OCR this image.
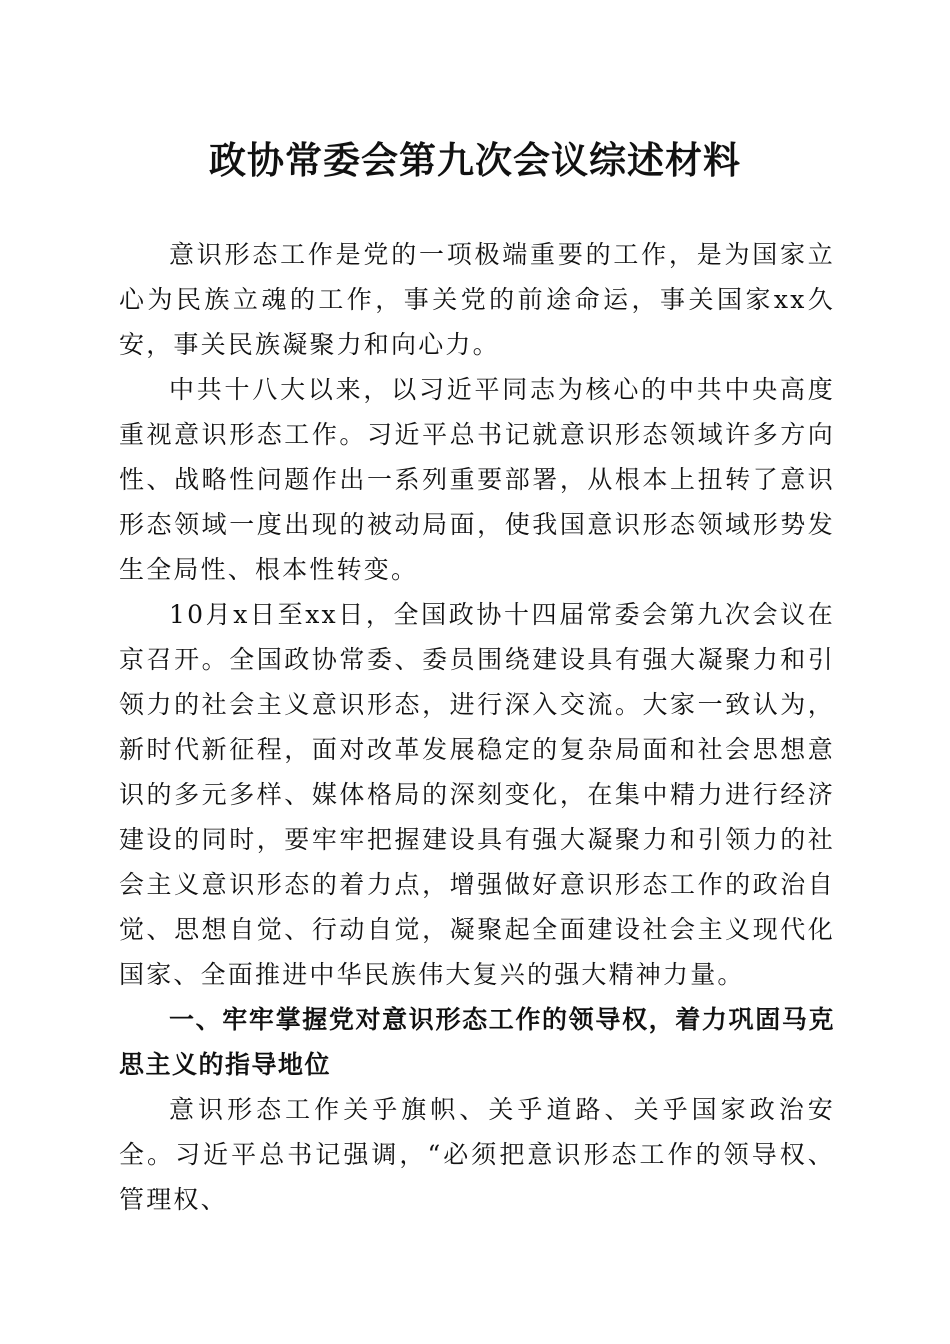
政协常委会第九次会议综述材料

意识形态工作是党的一项极端重要的工作，是为国家立心为民族立魂的工作，事关党的前途命运，事关国家xx久安，事关民族凝聚力和向心力。

中共十八大以来，以习近平同志为核心的中共中央高度重视意识形态工作。习近平总书记就意识形态领域许多方向性、战略性问题作出一系列重要部署，从根本上扭转了意识形态领域一度出现的被动局面，使我国意识形态领域形势发生全局性、根本性转变。

10月x日至xx日，全国政协十四届常委会第九次会议在京召开。全国政协常委、委员围绕建设具有强大凝聚力和引领力的社会主义意识形态，进行深入交流。大家一致认为，新时代新征程，面对改革发展稳定的复杂局面和社会思想意识的多元多样、媒体格局的深刻变化，在集中精力进行经济建设的同时，要牢牢把握建设具有强大凝聚力和引领力的社会主义意识形态的着力点，增强做好意识形态工作的政治自觉、思想自觉、行动自觉，凝聚起全面建设社会主义现代化国家、全面推进中华民族伟大复兴的强大精神力量。

一、牢牢掌握党对意识形态工作的领导权，着力巩固马克思主义的指导地位

意识形态工作关乎旗帜、关乎道路、关乎国家政治安全。习近平总书记强调，“必须把意识形态工作的领导权、管理权、
